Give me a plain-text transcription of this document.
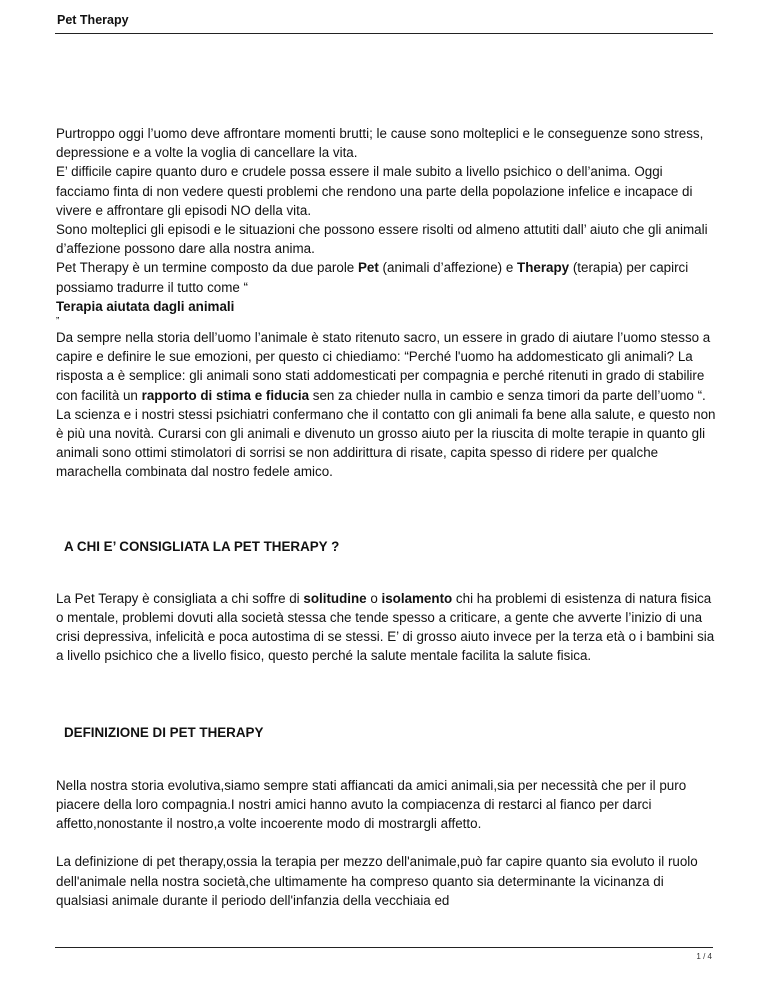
Pet Therapy

Purtroppo oggi l’uomo deve affrontare momenti brutti; le cause sono molteplici e le conseguenze sono stress, depressione e a volte la voglia di cancellare la vita.

E’ difficile capire quanto duro e crudele possa essere il male subito a livello psichico o dell’anima. Oggi facciamo finta di non vedere questi problemi che rendono una parte della popolazione infelice e incapace di vivere e affrontare gli episodi NO della vita.

Sono molteplici gli episodi e le situazioni che possono essere risolti od almeno attutiti dall’ aiuto che gli animali d’affezione possono dare alla nostra anima.

Pet Therapy è un termine composto da due parole Pet (animali d’affezione) e Therapy (terapia) per capirci possiamo tradurre il tutto come “

Terapia aiutata dagli animali

”

Da sempre nella storia dell’uomo l’animale è stato ritenuto sacro, un essere in grado di aiutare l’uomo stesso a capire e definire le sue emozioni, per questo ci chiediamo: “Perché l'uomo ha addomesticato gli animali? La risposta a è semplice: gli animali sono stati addomesticati per compagnia e perché ritenuti in grado di stabilire con facilità un rapporto di stima e fiducia sen za chieder nulla in cambio e senza timori da parte dell’uomo “. La scienza e i nostri stessi psichiatri confermano che il contatto con gli animali fa bene alla salute, e questo non è più una novità. Curarsi con gli animali e divenuto un grosso aiuto per la riuscita di molte terapie in quanto gli animali sono ottimi stimolatori di sorrisi se non addirittura di risate, capita spesso di ridere per qualche marachella combinata dal nostro fedele amico.

A CHI E’ CONSIGLIATA LA PET THERAPY ?

La Pet Terapy è consigliata a chi soffre di solitudine o isolamento chi ha problemi di esistenza di natura fisica o mentale, problemi dovuti alla società stessa che tende spesso a criticare, a gente che avverte l’inizio di una crisi depressiva, infelicità e poca autostima di se stessi. E’ di grosso aiuto invece per la terza età o i bambini sia a livello psichico che a livello fisico, questo perché la salute mentale facilita la salute fisica.

DEFINIZIONE DI PET THERAPY

Nella nostra storia evolutiva,siamo sempre stati affiancati da amici animali,sia per necessità che per il puro piacere della loro compagnia.I nostri amici hanno avuto la compiacenza di restarci al fianco per darci affetto,nonostante il nostro,a volte incoerente modo di mostrargli affetto.

La definizione di pet therapy,ossia la terapia per mezzo dell'animale,può far capire quanto sia evoluto il ruolo dell'animale nella nostra società,che ultimamente ha compreso quanto sia determinante la vicinanza di qualsiasi animale durante il periodo dell'infanzia della vecchiaia ed

1 / 4
